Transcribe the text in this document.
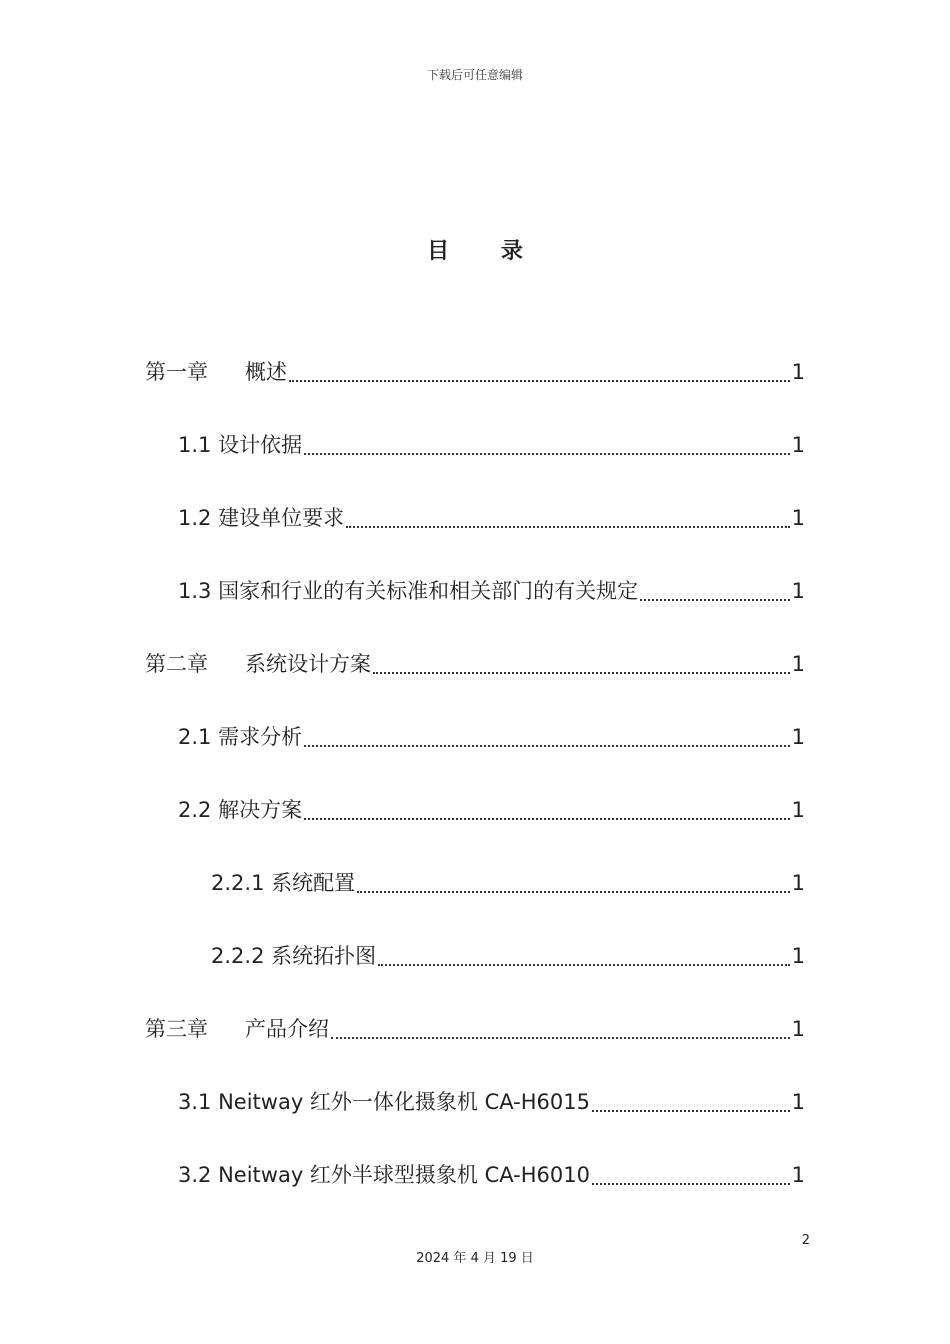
下载后可任意编辑
目 录
第一章 概述	1
1.1 设计依据	1
1.2 建设单位要求	1
1.3 国家和行业的有关标准和相关部门的有关规定	1
第二章 系统设计方案	1
2.1 需求分析	1
2.2 解决方案	1
2.2.1 系统配置	1
2.2.2 系统拓扑图	1
第三章 产品介绍	1
3.1 Neitway 红外一体化摄象机 CA-H6015	1
3.2 Neitway 红外半球型摄象机 CA-H6010	1
2
2024 年 4 月 19 日
